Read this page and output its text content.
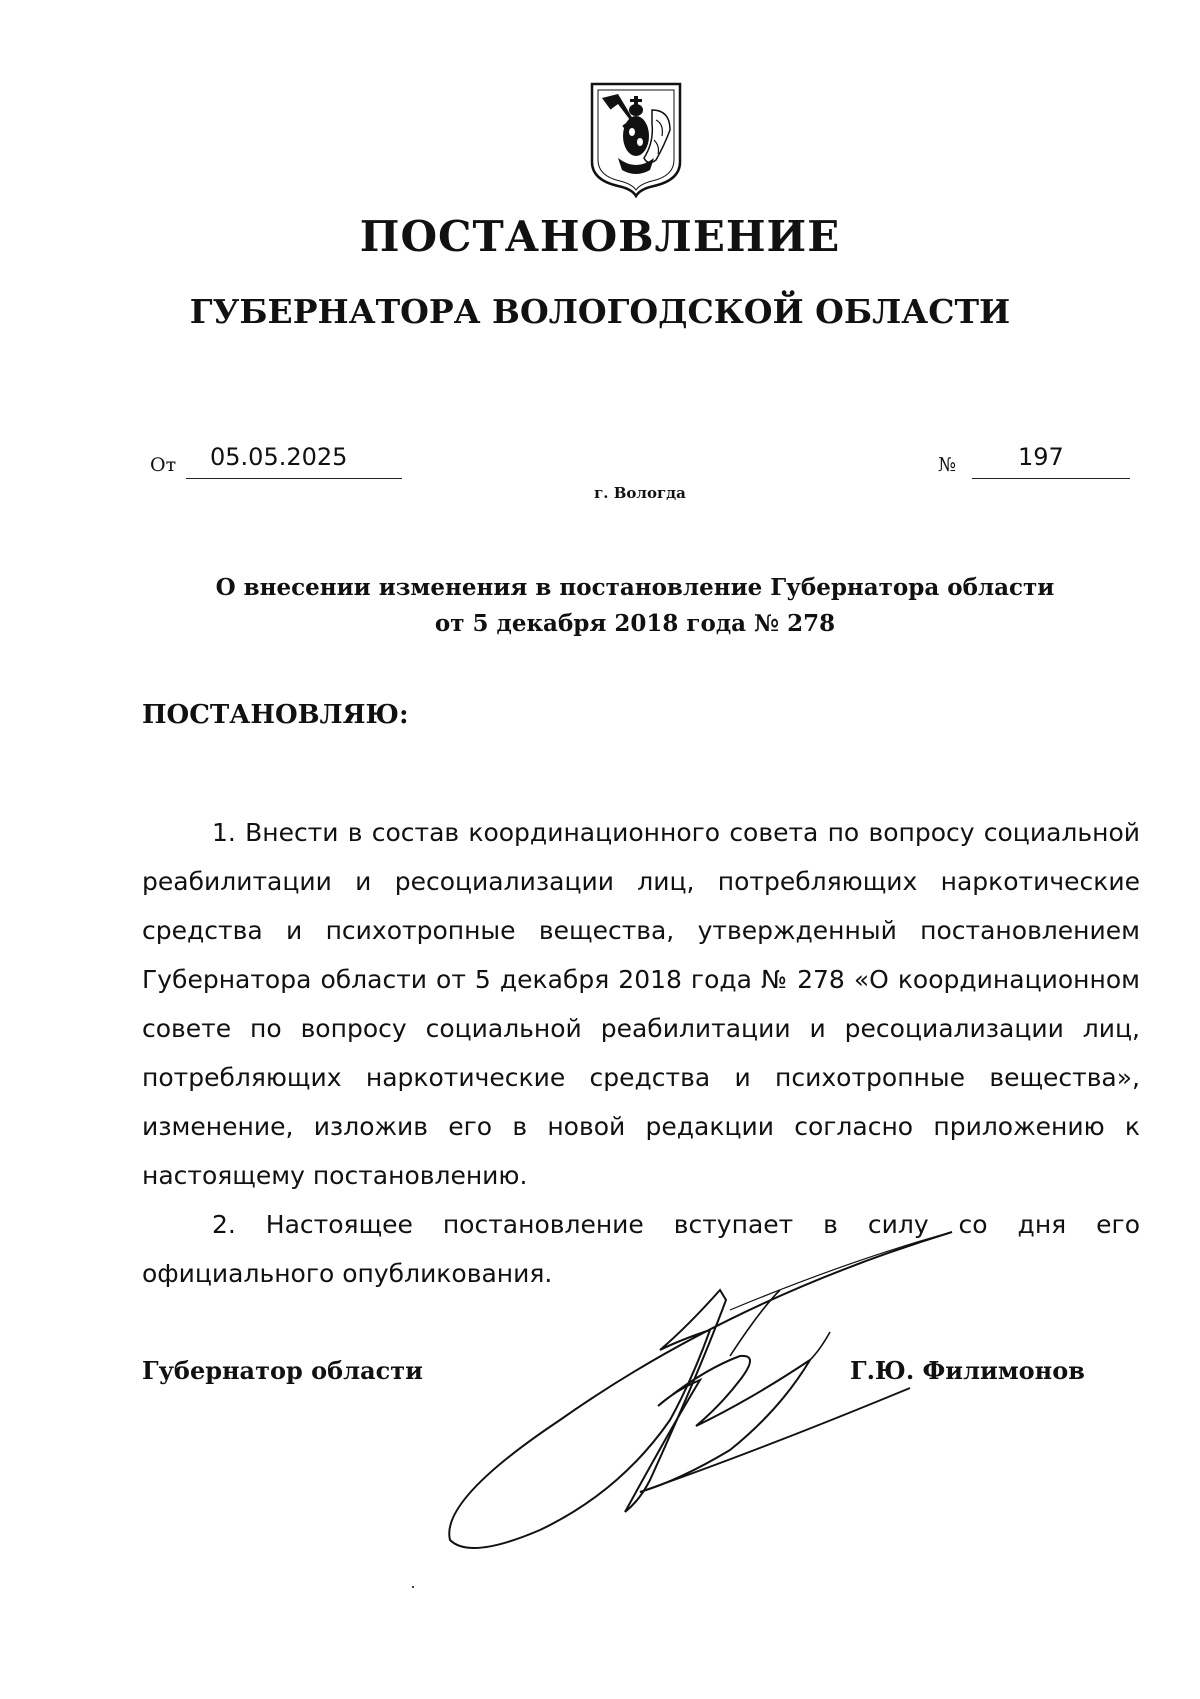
ПОСТАНОВЛЕНИЕ
ГУБЕРНАТОРА ВОЛОГОДСКОЙ ОБЛАСТИ
От 05.05.2025	№	197
г. Вологда
О внесении изменения в постановление Губернатора области
от 5 декабря 2018 года № 278
ПОСТАНОВЛЯЮ:

1. Внести в состав координационного совета по вопросу социальной реабилитации и ресоциализации лиц, потребляющих наркотические средства и психотропные вещества, утвержденный постановлением Губернатора области от 5 декабря 2018 года № 278 «О координационном совете по вопросу социальной реабилитации и ресоциализации лиц, потребляющих наркотические средства и психотропные вещества», изменение, изложив его в новой редакции согласно приложению к настоящему постановлению.

2. Настоящее постановление вступает в силу со дня его официального опубликования.

Губернатор области	Г.Ю. Филимонов
